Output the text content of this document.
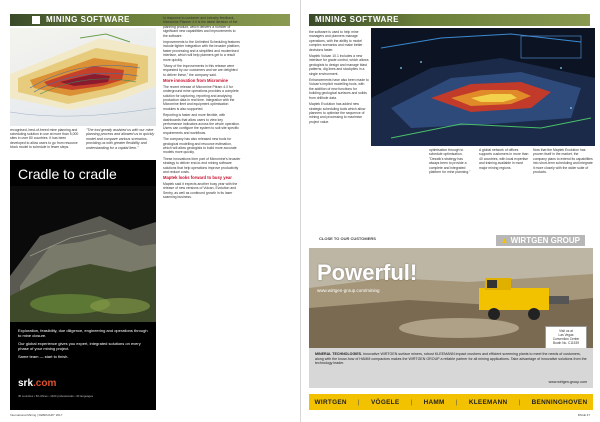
MINING SOFTWARE

recognised, best-of-breed mine planning and scheduling solution in use at more than 5,000 sites in over 80 countries. It has been developed to allow users to go from resource block model to schedule in fewer steps.

"The tool greatly assisted us with our mine planning process and allowed us to quickly model and compare various scenarios, providing us with greater flexibility and understanding for a capital item."

In response to customer and industry feedback, Micromine Planner 4.0 is the latest iteration of the planning product, which delivers a number of significant new capabilities and improvements to the software.

Improvements to the Unlimited Scheduling features include tighter integration with the broader platform, faster processing and a simplified and modernised interface, which will help planners get to a result more quickly.

"Many of the improvements in this release were requested by our customers and we are delighted to deliver these," the company said.

More innovation from Micromine

The recent release of Micromine Pitram 4.0 for underground mine operations provides a complete solution for capturing, reporting and analysing production data in real time. Integration with the Micromine fleet and equipment optimisation modules is also supported.

Reporting is faster and more flexible, with dashboards that allow users to view key performance indicators across the whole operation. Users can configure the system to suit site specific requirements and workflows.

The company has also released new tools for geological modelling and resource estimation, which will allow geologists to build more accurate models more quickly.

These innovations form part of Micromine's broader strategy to deliver end-to-end mining software solutions that help operations improve productivity and reduce costs.

Maptek looks forward to busy year

Maptek said it expects another busy year with the release of new versions of Vulcan, Evolution and Sentry, as well as continued growth in its laser scanning business.

Cradle to cradle

Exploration, feasibility, due diligence, engineering and operations through to mine closure.

Our global experience gives you expert, integrated solutions on every phase of your mining project.

Same team — start to finish.

srk.com
45 countries • 50 offices • 1400 professionals • 30 languages
International Mining | FEBRUARY 2017
MINING SOFTWARE

the software is used to help mine managers and planners manage operations, with the ability to model complex scenarios and make better decisions faster.

Maptek Vulcan 10.1 includes a new interface for grade control, which allows geologists to design and manage blast patterns, dig lines and stockpiles in a single environment.

Enhancements have also been made to Vulcan's implicit modelling tools, with the addition of new functions for building geological surfaces and solids from drillhole data.

Maptek Evolution has added new strategic scheduling tools which allow planners to optimise the sequence of mining and processing to maximise project value.

optimisation through to schedule optimisation. "Deswik's strategy has always been to provide a complete and integrated platform for mine planning."

A global network of offices supports customers in more than 40 countries, with local expertise and training available in most major mining regions.

Now that the Maptek Evolution has proven itself in the market, the company plans to extend its capabilities into short-term scheduling and integrate it more closely with the wider suite of products.

CLOSE TO OUR CUSTOMERS	▲ WIRTGEN GROUP
Powerful!
www.wirtgen-group.com/mining
Visit us at
Las Vegas
Convention Center
Booth No. C11539
MINERAL TECHNOLOGIES. Innovative WIRTGEN surface miners, robust KLEEMANN impact crushers and efficient screening plants to meet the needs of customers, along with the know-how of HAMM compactors makes the WIRTGEN GROUP a reliable partner for all mining applications. Take advantage of innovative solutions from the technology leader.
www.wirtgen-group.com
WIRTGEN | VÖGELE | HAMM | KLEEMANN | BENNINGHOVEN
PAGE 37
